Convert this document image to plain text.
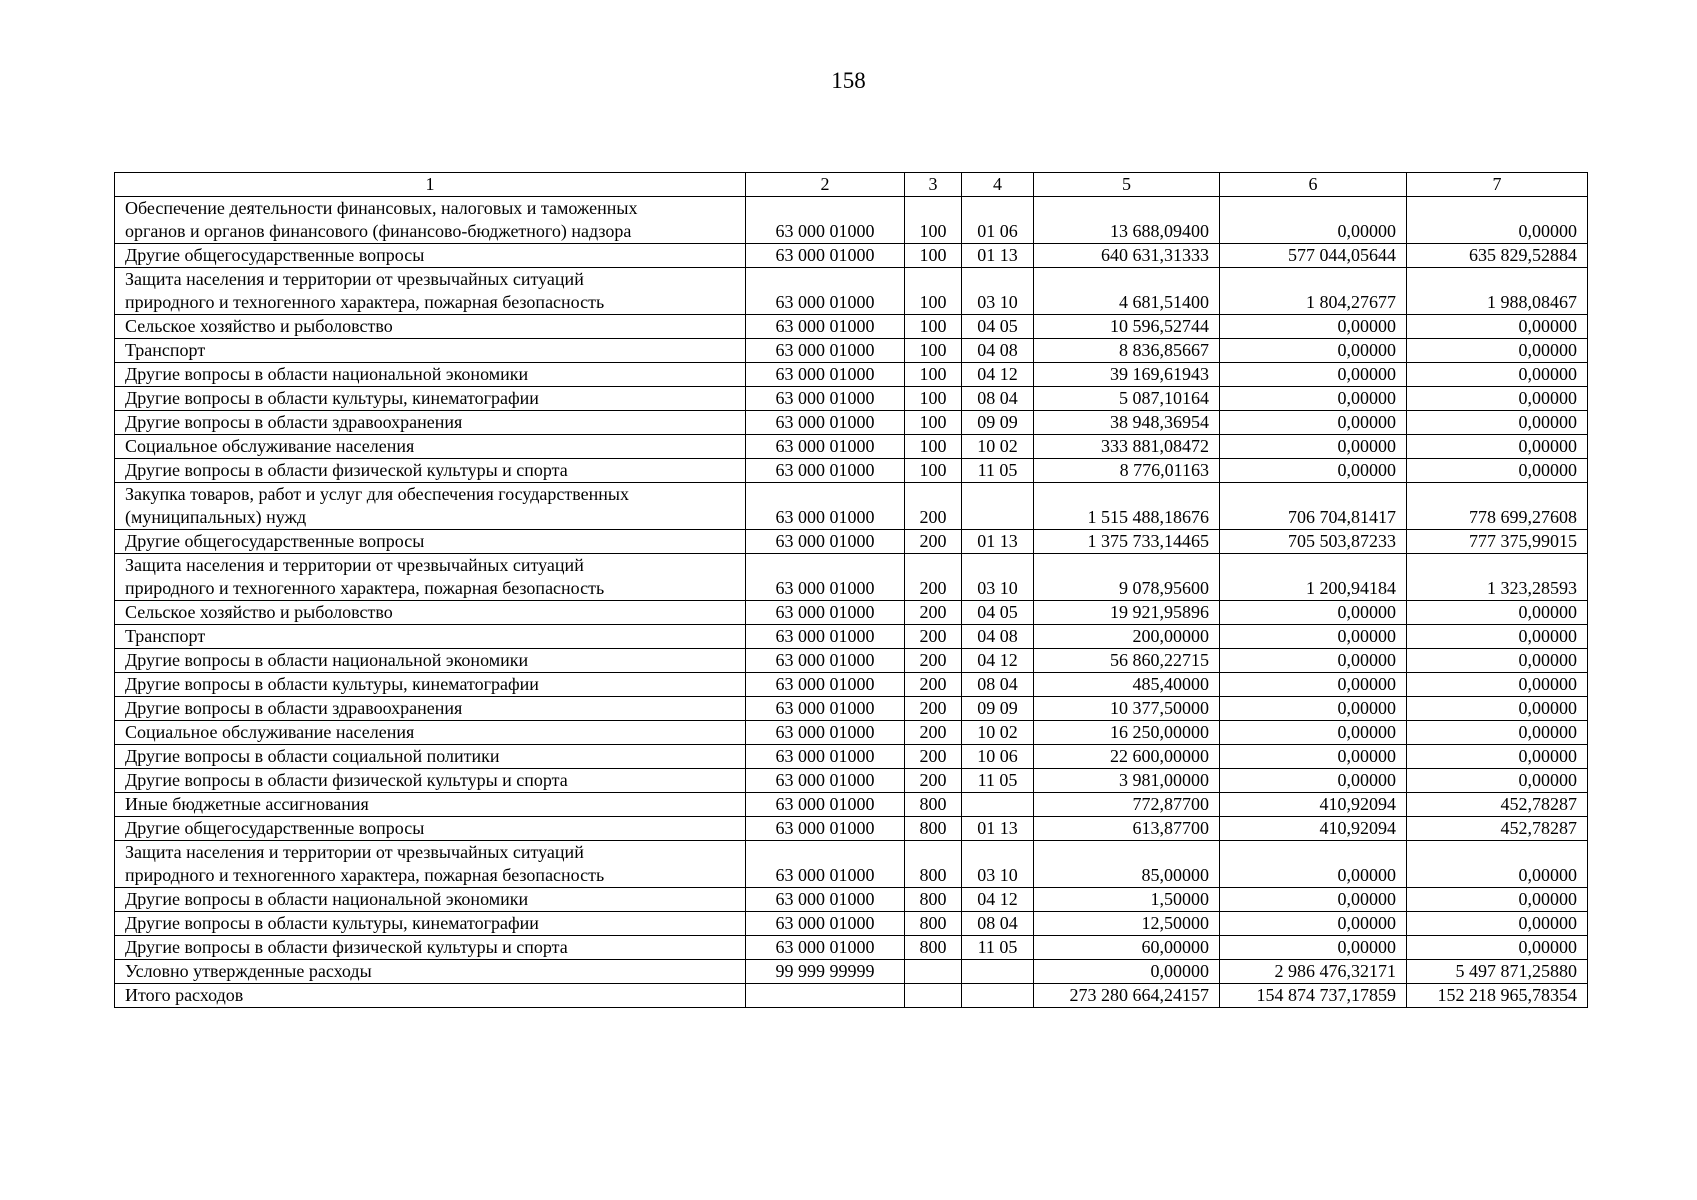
158
1	2	3	4	5	6	7
Обеспечение деятельности финансовых, налоговых и таможенных
органов и органов финансового (финансово-бюджетного) надзора	63 000 01000	100	01 06	13 688,09400	0,00000	0,00000
Другие общегосударственные вопросы	63 000 01000	100	01 13	640 631,31333	577 044,05644	635 829,52884
Защита населения и территории от чрезвычайных ситуаций
природного и техногенного характера, пожарная безопасность	63 000 01000	100	03 10	4 681,51400	1 804,27677	1 988,08467
Сельское хозяйство и рыболовство	63 000 01000	100	04 05	10 596,52744	0,00000	0,00000
Транспорт	63 000 01000	100	04 08	8 836,85667	0,00000	0,00000
Другие вопросы в области национальной экономики	63 000 01000	100	04 12	39 169,61943	0,00000	0,00000
Другие вопросы в области культуры, кинематографии	63 000 01000	100	08 04	5 087,10164	0,00000	0,00000
Другие вопросы в области здравоохранения	63 000 01000	100	09 09	38 948,36954	0,00000	0,00000
Социальное обслуживание населения	63 000 01000	100	10 02	333 881,08472	0,00000	0,00000
Другие вопросы в области физической культуры и спорта	63 000 01000	100	11 05	8 776,01163	0,00000	0,00000
Закупка товаров, работ и услуг для обеспечения государственных
(муниципальных) нужд	63 000 01000	200		1 515 488,18676	706 704,81417	778 699,27608
Другие общегосударственные вопросы	63 000 01000	200	01 13	1 375 733,14465	705 503,87233	777 375,99015
Защита населения и территории от чрезвычайных ситуаций
природного и техногенного характера, пожарная безопасность	63 000 01000	200	03 10	9 078,95600	1 200,94184	1 323,28593
Сельское хозяйство и рыболовство	63 000 01000	200	04 05	19 921,95896	0,00000	0,00000
Транспорт	63 000 01000	200	04 08	200,00000	0,00000	0,00000
Другие вопросы в области национальной экономики	63 000 01000	200	04 12	56 860,22715	0,00000	0,00000
Другие вопросы в области культуры, кинематографии	63 000 01000	200	08 04	485,40000	0,00000	0,00000
Другие вопросы в области здравоохранения	63 000 01000	200	09 09	10 377,50000	0,00000	0,00000
Социальное обслуживание населения	63 000 01000	200	10 02	16 250,00000	0,00000	0,00000
Другие вопросы в области социальной политики	63 000 01000	200	10 06	22 600,00000	0,00000	0,00000
Другие вопросы в области физической культуры и спорта	63 000 01000	200	11 05	3 981,00000	0,00000	0,00000
Иные бюджетные ассигнования	63 000 01000	800		772,87700	410,92094	452,78287
Другие общегосударственные вопросы	63 000 01000	800	01 13	613,87700	410,92094	452,78287
Защита населения и территории от чрезвычайных ситуаций
природного и техногенного характера, пожарная безопасность	63 000 01000	800	03 10	85,00000	0,00000	0,00000
Другие вопросы в области национальной экономики	63 000 01000	800	04 12	1,50000	0,00000	0,00000
Другие вопросы в области культуры, кинематографии	63 000 01000	800	08 04	12,50000	0,00000	0,00000
Другие вопросы в области физической культуры и спорта	63 000 01000	800	11 05	60,00000	0,00000	0,00000
Условно утвержденные расходы	99 999 99999			0,00000	2 986 476,32171	5 497 871,25880
Итого расходов				273 280 664,24157	154 874 737,17859	152 218 965,78354
